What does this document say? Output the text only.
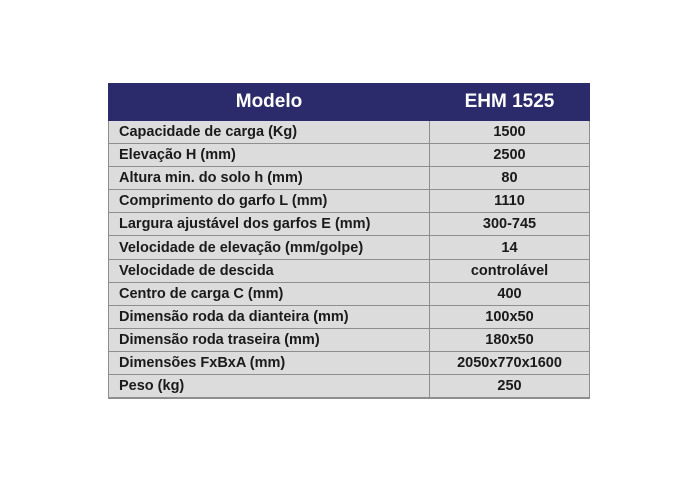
Modelo	EHM 1525
Capacidade de carga (Kg)	1500
Elevação H (mm)	2500
Altura min. do solo h (mm)	80
Comprimento do garfo L (mm)	1110
Largura ajustável dos garfos E (mm)	300-745
Velocidade de elevação (mm/golpe)	14
Velocidade de descida	controlável
Centro de carga C (mm)	400
Dimensão roda da dianteira (mm)	100x50
Dimensão roda traseira (mm)	180x50
Dimensões FxBxA (mm)	2050x770x1600
Peso (kg)	250
